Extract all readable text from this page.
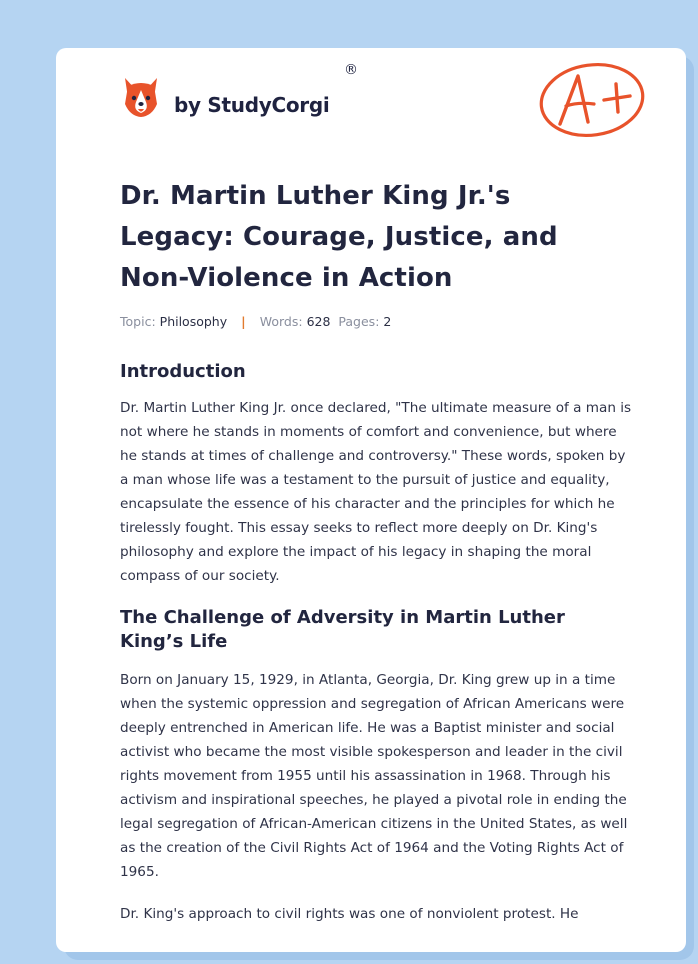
by StudyCorgi
®
Dr. Martin Luther King Jr.'s Legacy: Courage, Justice, and Non-Violence in Action
Topic: Philosophy | Words: 628 Pages: 2
Introduction

Dr. Martin Luther King Jr. once declared, "The ultimate measure of a man is not where he stands in moments of comfort and convenience, but where he stands at times of challenge and controversy." These words, spoken by a man whose life was a testament to the pursuit of justice and equality, encapsulate the essence of his character and the principles for which he tirelessly fought. This essay seeks to reflect more deeply on Dr. King's philosophy and explore the impact of his legacy in shaping the moral compass of our society.

The Challenge of Adversity in Martin Luther King’s Life

Born on January 15, 1929, in Atlanta, Georgia, Dr. King grew up in a time when the systemic oppression and segregation of African Americans were deeply entrenched in American life. He was a Baptist minister and social activist who became the most visible spokesperson and leader in the civil rights movement from 1955 until his assassination in 1968. Through his activism and inspirational speeches, he played a pivotal role in ending the legal segregation of African-American citizens in the United States, as well as the creation of the Civil Rights Act of 1964 and the Voting Rights Act of 1965.

Dr. King's approach to civil rights was one of nonviolent protest. He
